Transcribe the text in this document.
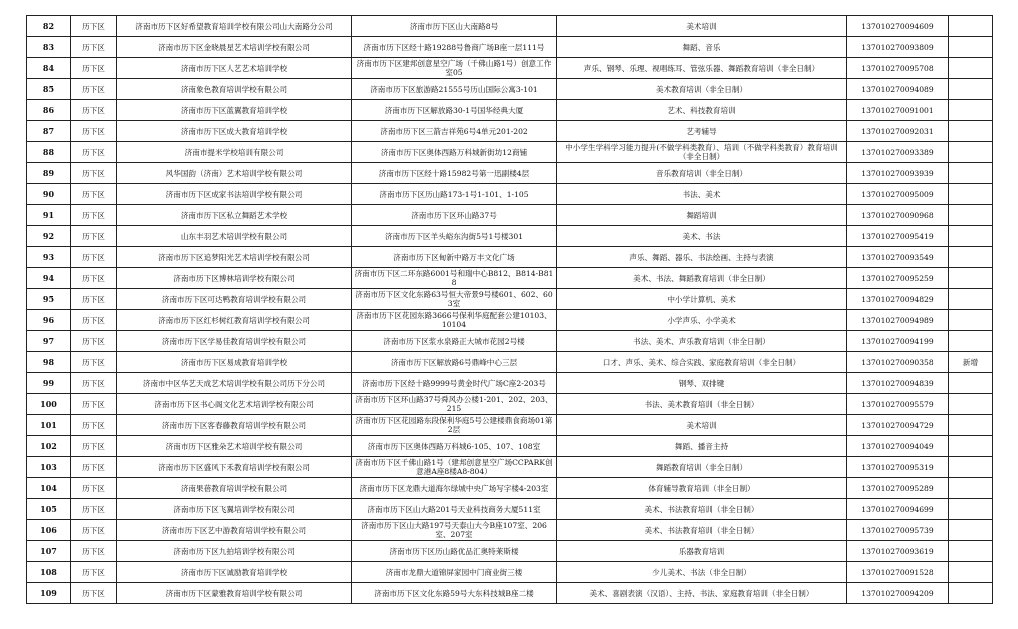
82	历下区	济南市历下区好希望教育培训学校有限公司山大南路分公司	济南市历下区山大南路8号	美术培训	137010270094609	
83	历下区	济南市历下区金晓晨星艺术培训学校有限公司	济南市历下区经十路19288号鲁商广场B座一层111号	舞蹈、音乐	137010270093809	
84	历下区	济南市历下区人艺艺术培训学校	济南市历下区建邦创意星空广场（千佛山路1号）创意工作室05	声乐、钢琴、乐理、视唱练耳、管弦乐器、舞蹈教育培训（非全日制）	137010270095708	
85	历下区	济南象色教育培训学校有限公司	济南市历下区旅游路21555号历山国际公寓3-101	美术教育培训（非全日制）	137010270094089	
86	历下区	济南市历下区蓝翼教育培训学校	济南市历下区解放路30-1号国华经典大厦	艺术、科技教育培训	137010270091001	
87	历下区	济南市历下区成大教育培训学校	济南市历下区三箭吉祥苑6号4单元201-202	艺考辅导	137010270092031	
88	历下区	济南市提米学校培训有限公司	济南市历下区奥体西路万科城新街坊12商铺	中小学生学科学习能力提升(不做学科类教育）、培训（不做学科类教育）教育培训（非全日制）	137010270093389	
89	历下区	风华国韵（济南）艺术培训学校有限公司	济南市历下区经十路15982号第一迅副楼4层	音乐教育培训（非全日制）	137010270093939	
90	历下区	济南市历下区成家书法培训学校有限公司	济南市历下区历山路173-1号1-101、1-105	书法、美术	137010270095009	
91	历下区	济南市历下区私立舞蹈艺术学校	济南市历下区环山路37号	舞蹈培训	137010270090968	
92	历下区	山东丰羽艺术培训学校有限公司	济南市历下区羊头峪东沟街5号1号楼301	美术、书法	137010270095419	
93	历下区	济南市历下区追梦阳光艺术培训学校有限公司	济南市历下区甸新中路万丰文化广场	声乐、舞蹈、器乐、书法绘画、主持与表演	137010270093549	
94	历下区	济南市历下区博林培训学校有限公司	济南市历下区二环东路6001号和瑞中心B812、B814-B818	美术、书法、舞蹈教育培训（非全日制）	137010270095259	
95	历下区	济南市历下区可达鸭教育培训学校有限公司	济南市历下区文化东路63号恒大帝景9号楼601、602、603室	中小学计算机、美术	137010270094829	
96	历下区	济南市历下区红杉树红教育培训学校有限公司	济南市历下区花园东路3666号保利华庭配套公建10103、10104	小学声乐、小学美术	137010270094989	
97	历下区	济南市历下区学易佳教育培训学校有限公司	济南市历下区浆水泉路正大城市花园2号楼	书法、美术、声乐教育培训（非全日制）	137010270094199	
98	历下区	济南市历下区易成教育培训学校	济南市历下区解放路6号鼎峰中心三层	口才、声乐、美术、综合实践、家庭教育培训（非全日制）	137010270090358	新增
99	历下区	济南市中区华艺天成艺术培训学校有限公司历下分公司	济南市历下区经十路9999号黄金时代广场C座2-203号	钢琴、双排键	137010270094839	
100	历下区	济南市历下区书心阁文化艺术培训学校有限公司	济南市历下区环山路37号舜风办公楼1-201、202、203、215	书法、美术教育培训（非全日制）	137010270095579	
101	历下区	济南市历下区客春藤教育培训学校有限公司	济南市历下区花园路东段保利华庭5号公建楼鼎食商场01第2层	美术培训	137010270094729	
102	历下区	济南市历下区雅朵艺术培训学校有限公司	济南市历下区奥体西路万科城6-105、107、108室	舞蹈、播音主持	137010270094049	
103	历下区	济南市历下区盛风下禾教育培训学校有限公司	济南市历下区千佛山路1号（建邦创意星空广场CCPARK创意港A座8楼A8-804）	舞蹈教育培训（非全日制）	137010270095319	
104	历下区	济南果蓓教育培训学校有限公司	济南市历下区龙鼎大道海尔绿城中央广场写字楼4-203室	体育辅导教育培训（非全日制）	137010270095289	
105	历下区	济南市历下区飞翼培训学校有限公司	济南市历下区山大路201号天业科技商务大厦511室	美术、书法教育培训（非全日制）	137010270094699	
106	历下区	济南市历下区艺中游教育培训学校有限公司	济南市历下区山大路197号天泰山大今B座107室、206室、207室	美术、书法教育培训（非全日制）	137010270095739	
107	历下区	济南市历下区九拍培训学校有限公司	济南市历下区历山路优品汇奥特莱斯楼	乐器教育培训	137010270093619	
108	历下区	济南市历下区诚励教育培训学校	济南市龙鼎大道锦屏家园中门商业街三楼	少儿美术、书法（非全日制）	137010270091528	
109	历下区	济南市历下区蒙雅教育培训学校有限公司	济南市历下区文化东路59号大东科技城B座二楼	美术、喜剧表演（汉语）、主持、书法、家庭教育培训（非全日制）	137010270094209	
